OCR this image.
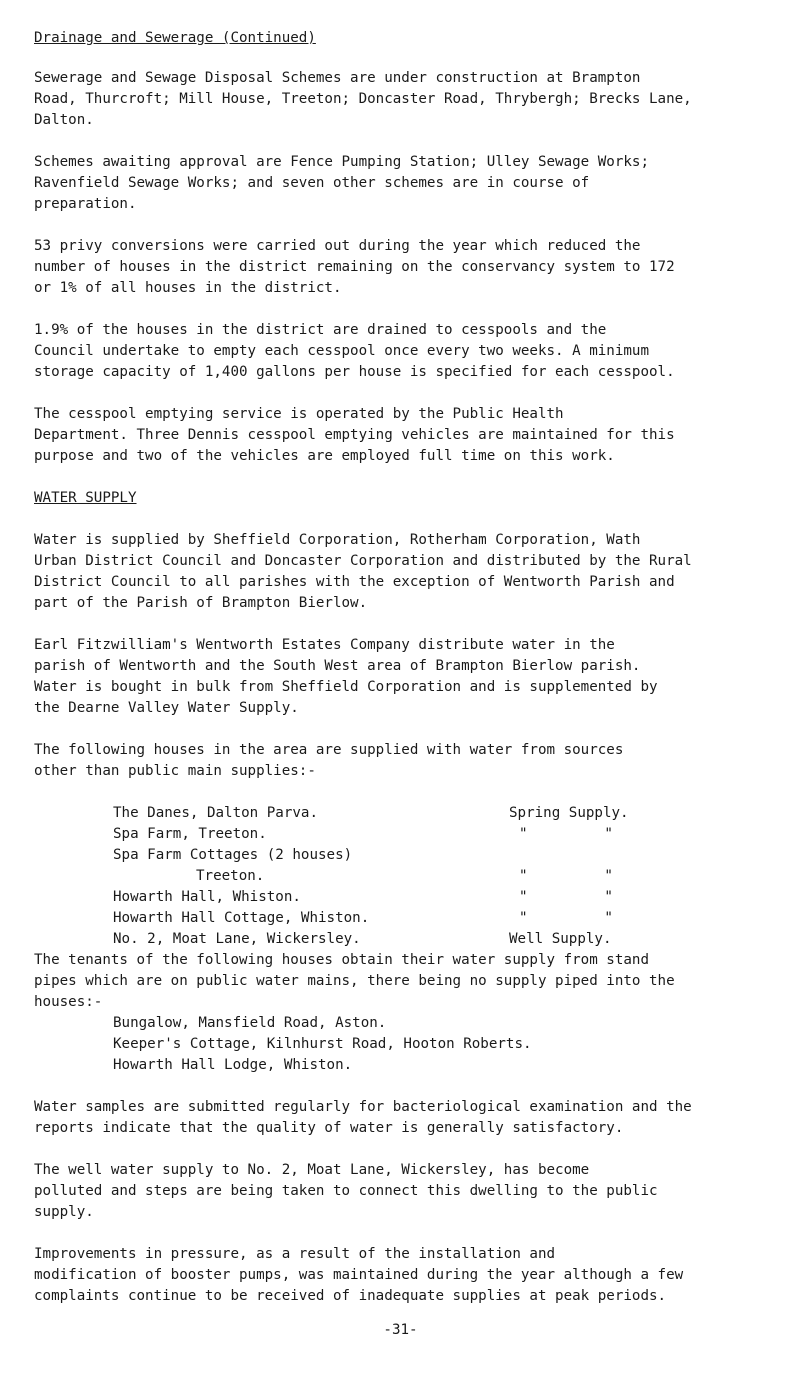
Drainage and Sewerage (Continued)

Sewerage and Sewage Disposal Schemes are under construction at Brampton
Road, Thurcroft; Mill House, Treeton; Doncaster Road, Thrybergh; Brecks Lane,
Dalton.

Schemes awaiting approval are Fence Pumping Station; Ulley Sewage Works;
Ravenfield Sewage Works; and seven other schemes are in course of
preparation.

53 privy conversions were carried out during the year which reduced the
number of houses in the district remaining on the conservancy system to 172
or 1% of all houses in the district.

1.9% of the houses in the district are drained to cesspools and the
Council undertake to empty each cesspool once every two weeks. A minimum
storage capacity of 1,400 gallons per house is specified for each cesspool.

The cesspool emptying service is operated by the Public Health
Department. Three Dennis cesspool emptying vehicles are maintained for this
purpose and two of the vehicles are employed full time on this work.

WATER SUPPLY

Water is supplied by Sheffield Corporation, Rotherham Corporation, Wath
Urban District Council and Doncaster Corporation and distributed by the Rural
District Council to all parishes with the exception of Wentworth Parish and
part of the Parish of Brampton Bierlow.

Earl Fitzwilliam's Wentworth Estates Company distribute water in the
parish of Wentworth and the South West area of Brampton Bierlow parish.
Water is bought in bulk from Sheffield Corporation and is supplemented by
the Dearne Valley Water Supply.

The following houses in the area are supplied with water from sources
other than public main supplies:-

The Danes, Dalton Parva.	Spring Supply.
Spa Farm, Treeton.	"         "
Spa Farm Cottages (2 houses)
Treeton.	"         "
Howarth Hall, Whiston.	"         "
Howarth Hall Cottage, Whiston.	"         "
No. 2, Moat Lane, Wickersley.	Well Supply.

The tenants of the following houses obtain their water supply from stand
pipes which are on public water mains, there being no supply piped into the
houses:-

Bungalow, Mansfield Road, Aston.
Keeper's Cottage, Kilnhurst Road, Hooton Roberts.
Howarth Hall Lodge, Whiston.

Water samples are submitted regularly for bacteriological examination and the
reports indicate that the quality of water is generally satisfactory.

The well water supply to No. 2, Moat Lane, Wickersley, has become
polluted and steps are being taken to connect this dwelling to the public
supply.

Improvements in pressure, as a result of the installation and
modification of booster pumps, was maintained during the year although a few
complaints continue to be received of inadequate supplies at peak periods.

-31-
